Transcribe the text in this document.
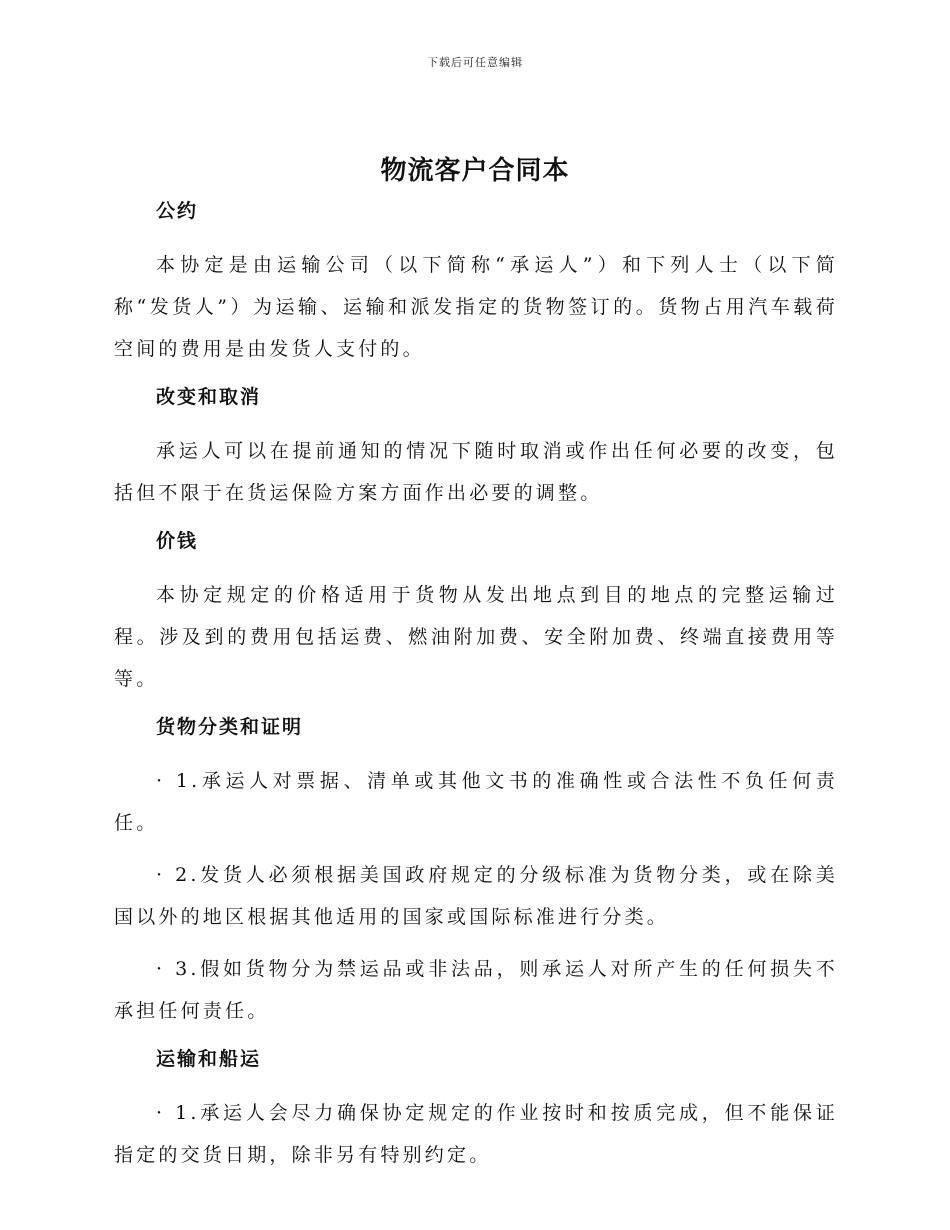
下载后可任意编辑
物流客户合同本
公约

本协定是由运输公司（以下简称“承运人”）和下列人士（以下简称“发货人”）为运输、运输和派发指定的货物签订的。货物占用汽车载荷空间的费用是由发货人支付的。

改变和取消

承运人可以在提前通知的情况下随时取消或作出任何必要的改变，包括但不限于在货运保险方案方面作出必要的调整。

价钱

本协定规定的价格适用于货物从发出地点到目的地点的完整运输过程。涉及到的费用包括运费、燃油附加费、安全附加费、终端直接费用等等。

货物分类和证明

· 1.承运人对票据、清单或其他文书的准确性或合法性不负任何责任。

· 2.发货人必须根据美国政府规定的分级标准为货物分类，或在除美国以外的地区根据其他适用的国家或国际标准进行分类。

· 3.假如货物分为禁运品或非法品，则承运人对所产生的任何损失不承担任何责任。

运输和船运

· 1.承运人会尽力确保协定规定的作业按时和按质完成，但不能保证指定的交货日期，除非另有特别约定。
